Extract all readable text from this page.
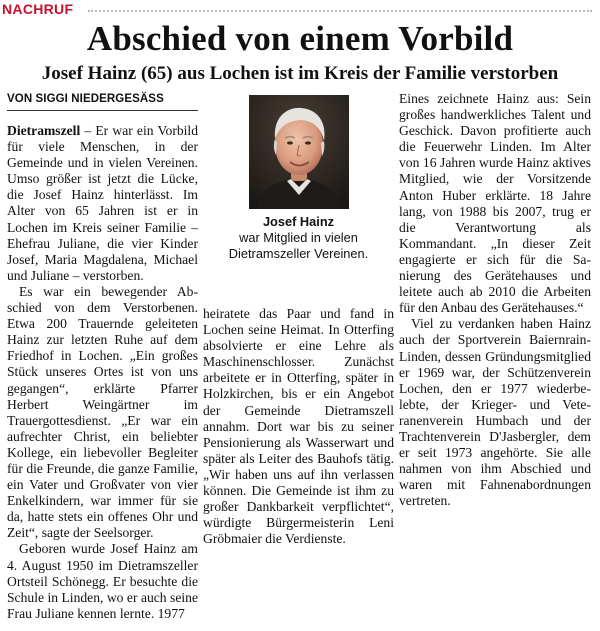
NACHRUF
Abschied von einem Vorbild
Josef Hainz (65) aus Lochen ist im Kreis der Familie verstorben
VON SIGGI NIEDERGESÄSS

Dietramszell – Er war ein Vorbild für viele Menschen, in der Gemeinde und in vielen Vereinen. Umso größer ist jetzt die Lücke, die Josef Hainz hinterlässt. Im Alter von 65 Jahren ist er in Lochen im Kreis seiner Familie – Ehefrau Juliane, die vier Kinder Josef, Maria Magdalena, Michael und Juliane – verstorben.

Es war ein bewegender Abschied von dem Verstorbenen. Etwa 200 Trauernde geleiteten Hainz zur letzten Ruhe auf dem Friedhof in Lochen. „Ein großes Stück unseres Ortes ist von uns gegangen“, erklärte Pfarrer Herbert Weingärtner im Trauergottesdienst. „Er war ein aufrechter Christ, ein beliebter Kollege, ein liebevoller Begleiter für die Freunde, die ganze Familie, ein Vater und Großvater von vier Enkelkindern, war immer für sie da, hatte stets ein offenes Ohr und Zeit“, sagte der Seelsorger.

Geboren wurde Josef Hainz am 4. August 1950 im Dietramszeller Ortsteil Schönegg. Er besuchte die Schule in Linden, wo er auch seine Frau Juliane kennen lernte. 1977

Josef Hainz
war Mitglied in vielen Dietramszeller Vereinen.

heiratete das Paar und fand in Lochen seine Heimat. In Otterfing absolvierte er eine Lehre als Maschinenschlosser. Zunächst arbeitete er in Otterfing, später in Holzkirchen, bis er ein Angebot der Gemeinde Dietramszell annahm. Dort war bis zu seiner Pensionierung als Wasserwart und später als Leiter des Bauhofs tätig. „Wir haben uns auf ihn verlassen können. Die Gemeinde ist ihm zu großer Dankbarkeit verpflichtet“, würdigte Bürgermeisterin Leni Gröbmaier die Verdienste.

Eines zeichnete Hainz aus: Sein großes handwerkliches Talent und Geschick. Davon profitierte auch die Feuerwehr Linden. Im Alter von 16 Jahren wurde Hainz aktives Mitglied, wie der Vorsitzende Anton Huber erklärte. 18 Jahre lang, von 1988 bis 2007, trug er die Verantwortung als Kommandant. „In dieser Zeit engagierte er sich für die Sanierung des Gerätehauses und leitete auch ab 2010 die Arbeiten für den Anbau des Gerätehauses.“

Viel zu verdanken haben Hainz auch der Sportverein Baiernrain-Linden, dessen Gründungsmitglied er 1969 war, der Schützenverein Lochen, den er 1977 wiederbelebte, der Krieger- und Veteranenverein Humbach und der Trachtenverein D'Jasbergler, dem er seit 1973 angehörte. Sie alle nahmen von ihm Abschied und waren mit Fahnenabordnungen vertreten.
